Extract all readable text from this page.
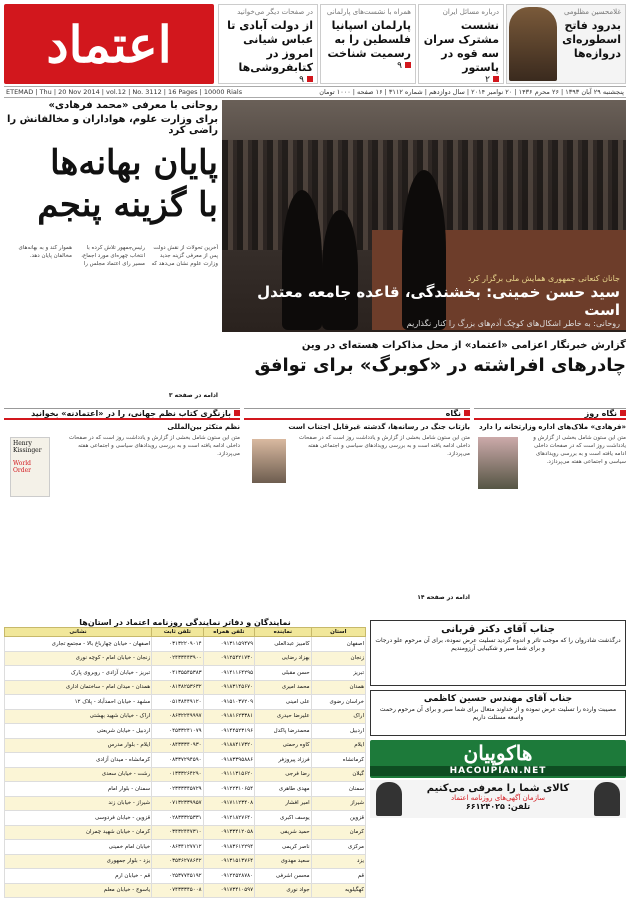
اعتماد
در صفحات دیگر می‌خوانید
از دولت آبادی تا عباس شیانی امروز در کتابفروشی‌ها
۹
همراه با نشست‌های پارلمانی
پارلمان اسپانیا فلسطین را به رسمیت شناخت
۹
درباره مسائل ایران
نشست مشترک سران سه قوه در پاستور
۲
غلامحسین مظلومی
بدرود فاتح اسطوره‌ای دروازه‌ها
ETEMAD | Thu | 20 Nov 2014 | vol.12 | No. 3112 | 16 Pages | 10000 Rials	پنجشنبه ۲۹ آبان ۱۳۹۳ | ۲۶ محرم ۱۴۳۶ | ۲۰ نوامبر ۲۰۱۴ | سال دوازدهم | شماره ۳۱۱۲ | ۱۶ صفحه | ۱۰۰۰ تومان
روحانی با معرفی «محمد فرهادی»
برای وزارت علوم، هواداران و مخالفانش را راضی کرد
پایان بهانه‌ها
با گزینه پنجم
آخرین تحولات از نقش دولت پس از معرفی گزینه جدید وزارت علوم نشان می‌دهد که رئیس‌جمهور تلاش کرده با انتخاب چهره‌ای مورد اجماع، مسیر رای اعتماد مجلس را هموار کند و به بهانه‌های مخالفان پایان دهد.
ادامه در صفحه ۳
جانان کنعانی جمهوری همایش ملی برگزار کرد
سید حسن خمینی: بخشندگی، قاعده جامعه معتدل است
روحانی: به خاطر اشکال‌های کوچک آدم‌های بزرگ را کنار نگذاریم
گزارش خبرنگار اعزامی «اعتماد» از محل مذاکرات هسته‌ای در وین
چادرهای افراشته در «کوبرگ» برای توافق
نگاه روز
«فرهادی» ملاک‌های اداره وزارتخانه را دارد
متن این ستون شامل بخشی از گزارش و یادداشت روز است که در صفحات داخلی ادامه یافته است و به بررسی رویدادهای سیاسی و اجتماعی هفته می‌پردازد.
نگاه
بازتاب جنگ در رسانه‌ها، گذشته غیرقابل اجتناب است
متن این ستون شامل بخشی از گزارش و یادداشت روز است که در صفحات داخلی ادامه یافته است و به بررسی رویدادهای سیاسی و اجتماعی هفته می‌پردازد.
ادامه در صفحه ۱۴
بازنگری کتاب نظم جهانی، را در «اعتمادنه» بخوانید
نظم متکثر بین‌المللی
Henry Kissinger
World Order
متن این ستون شامل بخشی از گزارش و یادداشت روز است که در صفحات داخلی ادامه یافته است و به بررسی رویدادهای سیاسی و اجتماعی هفته می‌پردازد.
نمایندگان و دفاتر نمایندگی روزنامه اعتماد در استان‌ها
استان	نماینده	تلفن همراه	تلفن ثابت	نشانی
اصفهان	کامبیز عبدالعلی	۰۹۱۳۱۱۵۹۴۷۹	۰۳۱۳۲۲۰۹۰۱۴	اصفهان - خیابان چهارباغ بالا - مجتمع تجاری
زنجان	بهزاد رضایی	۰۹۱۲۵۴۲۱۷۳۰	۰۲۴۳۳۴۴۳۹۰۰	زنجان - خیابان امام - کوچه نوری
تبریز	حسن مقبلی	۰۹۱۴۱۱۶۴۲۹۵	۰۴۱۳۵۵۴۵۳۸۳	تبریز - خیابان آزادی - روبروی پارک
همدان	محمد امیری	۰۹۱۸۳۱۴۵۶۷۰	۰۸۱۳۸۲۵۳۶۳۲	همدان - میدان امام - ساختمان اداری
خراسان رضوی	علی امینی	۰۹۱۵۱۰۳۷۲۰۹	۰۵۱۳۸۴۴۹۱۲۰	مشهد - خیابان احمدآباد - پلاک ۱۲
اراک	علیرضا حیدری	۰۹۱۸۱۶۲۳۳۸۱	۰۸۶۳۲۲۴۹۹۹۷	اراک - خیابان شهید بهشتی
اردبیل	محمدرضا پاکدل	۰۹۱۴۴۵۲۳۱۹۶	۰۴۵۳۳۲۴۱۰۷۹	اردبیل - خیابان شریعتی
ایلام	کاوه رحمتی	۰۹۱۸۸۴۱۷۳۲۰	۰۸۴۳۳۳۴۰۹۳۰	ایلام - بلوار مدرس
کرمانشاه	فرزاد پیروزفر	۰۹۱۸۳۳۹۵۸۸۶	۰۸۳۳۷۲۹۴۵۹۰	کرمانشاه - میدان آزادی
گیلان	رضا فرجی	۰۹۱۱۱۳۱۵۶۲۰	۰۱۳۳۳۲۶۴۲۹۰	رشت - خیابان سعدی
سمنان	مهدی طاهری	۰۹۱۲۲۳۱۰۶۵۴	۰۲۳۳۳۳۴۵۷۲۹	سمنان - بلوار امام
شیراز	امیر افشار	۰۹۱۷۱۱۲۳۴۰۸	۰۷۱۳۲۳۳۹۹۵۷	شیراز - خیابان زند
قزوین	یوسف اکبری	۰۹۱۲۱۸۲۷۶۴۰	۰۲۸۳۳۳۲۵۳۳۱	قزوین - خیابان فردوسی
کرمان	حمید شریفی	۰۹۱۳۳۴۱۲۰۵۸	۰۳۴۳۲۴۴۷۳۱۰	کرمان - خیابان شهید چمران
مرکزی	ناصر کریمی	۰۹۱۸۳۶۱۲۲۹۴	۰۸۶۳۴۱۲۷۷۱۲	خیابان امام خمینی
یزد	سعید مهدوی	۰۹۱۳۱۵۱۳۷۶۴	۰۳۵۳۶۲۷۸۶۴۲	یزد - بلوار جمهوری
قم	محسن اشرفی	۰۹۱۲۲۵۲۸۷۸۰	۰۲۵۳۷۷۴۵۱۹۲	قم - خیابان ارم
کهگیلویه	جواد نوری	۰۹۱۷۳۴۱۰۵۹۷	۰۷۴۳۳۳۴۵۰۰۸	یاسوج - خیابان معلم
جناب آقای دکتر قربانی
درگذشت شادروان را که موجب تاثر و اندوه گردید تسلیت عرض نموده، برای آن مرحوم علو درجات و برای شما صبر و شکیبایی آرزومندیم
جناب آقای مهندس حسین کاظمی
مصیبت وارده را تسلیت عرض نموده و از خداوند متعال برای شما صبر و برای آن مرحوم رحمت واسعه مسئلت داریم
هاکوپیان
HACOUPIAN.NET
کالای شما را معرفی می‌کنیم
سازمان آگهی‌های روزنامه اعتماد
تلفن: ۶۶۱۲۴۰۲۵
